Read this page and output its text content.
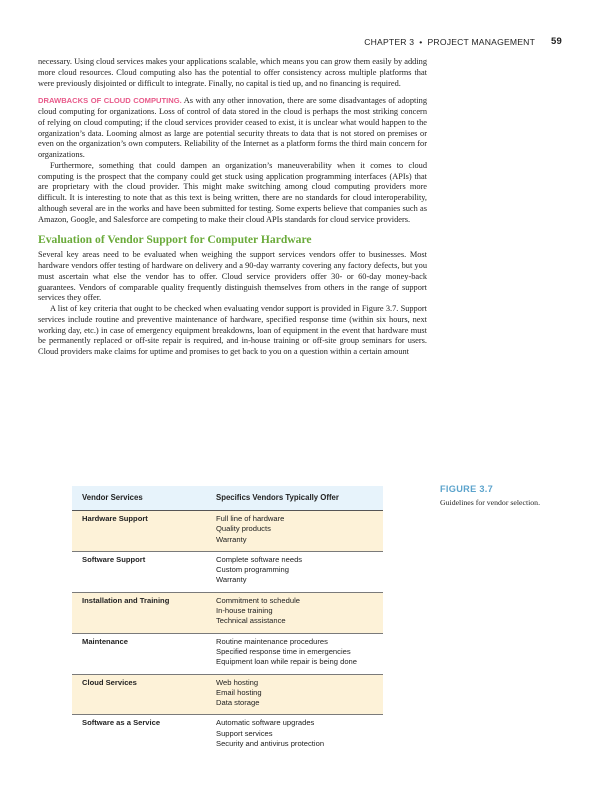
CHAPTER 3 • PROJECT MANAGEMENT 59

necessary. Using cloud services makes your applications scalable, which means you can grow them easily by adding more cloud resources. Cloud computing also has the potential to offer consistency across multiple platforms that were previously disjointed or difficult to integrate. Finally, no capital is tied up, and no financing is required.

DRAWBACKS OF CLOUD COMPUTING. As with any other innovation, there are some disadvantages of adopting cloud computing for organizations. Loss of control of data stored in the cloud is perhaps the most striking concern of relying on cloud computing; if the cloud services provider ceased to exist, it is unclear what would happen to the organization’s data. Looming almost as large are potential security threats to data that is not stored on premises or even on the organization’s own computers. Reliability of the Internet as a platform forms the third main concern for organizations.

Furthermore, something that could dampen an organization’s maneuverability when it comes to cloud computing is the prospect that the company could get stuck using application programming interfaces (APIs) that are proprietary with the cloud provider. This might make switching among cloud computing providers more difficult. It is interesting to note that as this text is being written, there are no standards for cloud interoperability, although several are in the works and have been submitted for testing. Some experts believe that companies such as Amazon, Google, and Salesforce are competing to make their cloud APIs standards for cloud service providers.

Evaluation of Vendor Support for Computer Hardware

Several key areas need to be evaluated when weighing the support services vendors offer to businesses. Most hardware vendors offer testing of hardware on delivery and a 90-day warranty covering any factory defects, but you must ascertain what else the vendor has to offer. Cloud service providers offer 30- or 60-day money-back guarantees. Vendors of comparable quality frequently distinguish themselves from others in the range of support services they offer.

A list of key criteria that ought to be checked when evaluating vendor support is provided in Figure 3.7. Support services include routine and preventive maintenance of hardware, specified response time (within six hours, next working day, etc.) in case of emergency equipment breakdowns, loan of equipment in the event that hardware must be permanently replaced or off-site repair is required, and in-house training or off-site group seminars for users. Cloud providers make claims for uptime and promises to get back to you on a question within a certain amount

FIGURE 3.7
Guidelines for vendor selection.
Vendor Services	Specifics Vendors Typically Offer
Hardware Support	Full line of hardware
Quality products
Warranty
Software Support	Complete software needs
Custom programming
Warranty
Installation and Training	Commitment to schedule
In-house training
Technical assistance
Maintenance	Routine maintenance procedures
Specified response time in emergencies
Equipment loan while repair is being done
Cloud Services	Web hosting
Email hosting
Data storage
Software as a Service	Automatic software upgrades
Support services
Security and antivirus protection
